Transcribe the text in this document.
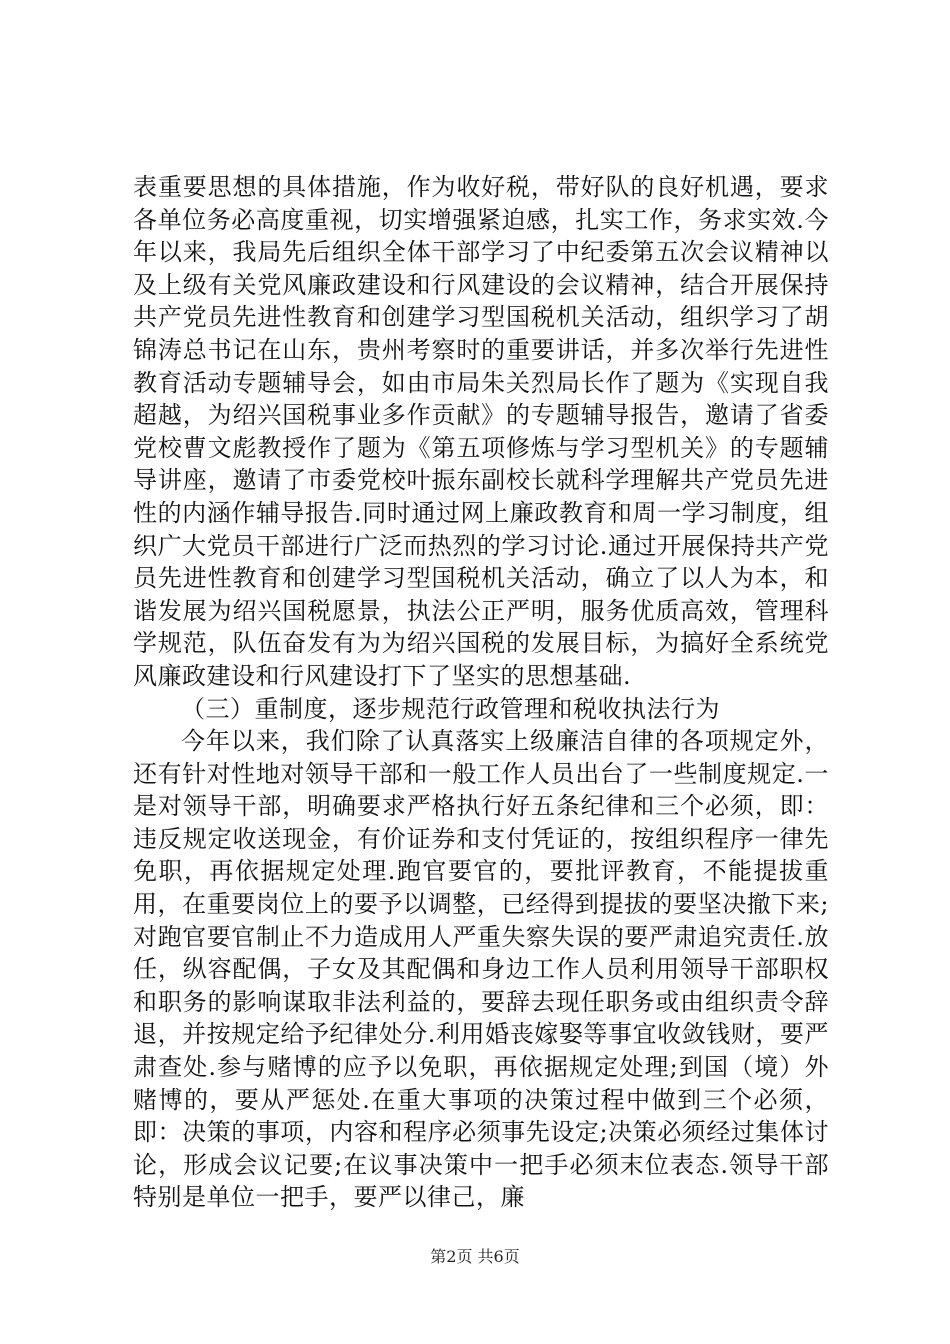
表重要思想的具体措施，作为收好税，带好队的良好机遇，要求各单位务必高度重视，切实增强紧迫感，扎实工作，务求实效.今年以来，我局先后组织全体干部学习了中纪委第五次会议精神以及上级有关党风廉政建设和行风建设的会议精神，结合开展保持共产党员先进性教育和创建学习型国税机关活动，组织学习了胡锦涛总书记在山东，贵州考察时的重要讲话，并多次举行先进性教育活动专题辅导会，如由市局朱关烈局长作了题为《实现自我超越，为绍兴国税事业多作贡献》的专题辅导报告，邀请了省委党校曹文彪教授作了题为《第五项修炼与学习型机关》的专题辅导讲座，邀请了市委党校叶振东副校长就科学理解共产党员先进性的内涵作辅导报告.同时通过网上廉政教育和周一学习制度，组织广大党员干部进行广泛而热烈的学习讨论.通过开展保持共产党员先进性教育和创建学习型国税机关活动，确立了以人为本，和谐发展为绍兴国税愿景，执法公正严明，服务优质高效，管理科学规范，队伍奋发有为为绍兴国税的发展目标，为搞好全系统党风廉政建设和行风建设打下了坚实的思想基础.

（三）重制度，逐步规范行政管理和税收执法行为

今年以来，我们除了认真落实上级廉洁自律的各项规定外，还有针对性地对领导干部和一般工作人员出台了一些制度规定.一是对领导干部，明确要求严格执行好五条纪律和三个必须，即：违反规定收送现金，有价证券和支付凭证的，按组织程序一律先免职，再依据规定处理.跑官要官的，要批评教育，不能提拔重用，在重要岗位上的要予以调整，已经得到提拔的要坚决撤下来;对跑官要官制止不力造成用人严重失察失误的要严肃追究责任.放任，纵容配偶，子女及其配偶和身边工作人员利用领导干部职权和职务的影响谋取非法利益的，要辞去现任职务或由组织责令辞退，并按规定给予纪律处分.利用婚丧嫁娶等事宜收敛钱财，要严肃查处.参与赌博的应予以免职，再依据规定处理;到国（境）外赌博的，要从严惩处.在重大事项的决策过程中做到三个必须，即：决策的事项，内容和程序必须事先设定;决策必须经过集体讨论，形成会议记要;在议事决策中一把手必须末位表态.领导干部特别是单位一把手，要严以律己，廉

第2页 共6页
